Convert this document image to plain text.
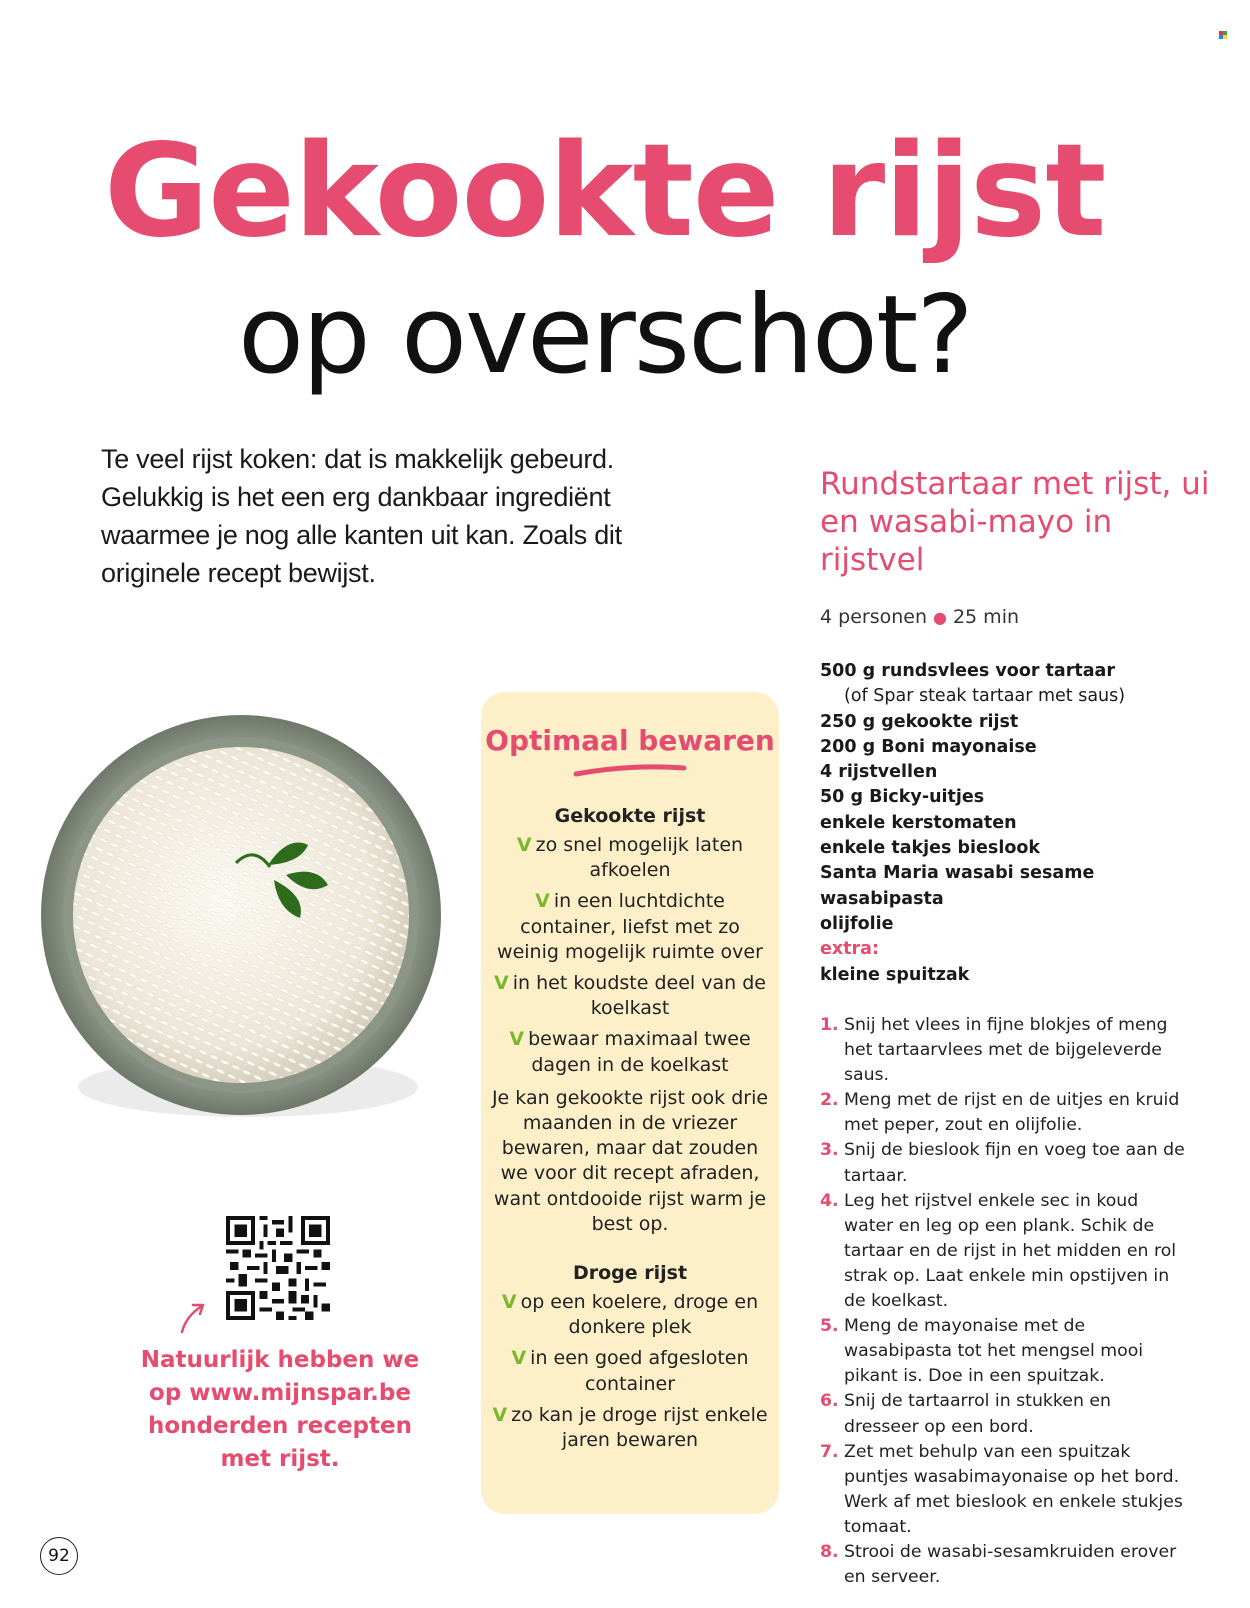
Gekookte rijst
op overschot?

Te veel rijst koken: dat is makkelijk gebeurd. Gelukkig is het een erg dankbaar ingrediënt waarmee je nog alle kanten uit kan. Zoals dit originele recept bewijst.

Rundstartaar met rijst, ui en wasabi-mayo in rijstvel
4 personen ● 25 min
500 g rundsvlees voor tartaar
(of Spar steak tartaar met saus)
250 g gekookte rijst
200 g Boni mayonaise
4 rijstvellen
50 g Bicky-uitjes
enkele kerstomaten
enkele takjes bieslook
Santa Maria wasabi sesame
wasabipasta
olijfolie
extra:
kleine spuitzak
1. Snij het vlees in fijne blokjes of meng het tartaarvlees met de bijgeleverde saus.
2. Meng met de rijst en de uitjes en kruid met peper, zout en olijfolie.
3. Snij de bieslook fijn en voeg toe aan de tartaar.
4. Leg het rijstvel enkele sec in koud water en leg op een plank. Schik de tartaar en de rijst in het midden en rol strak op. Laat enkele min opstijven in de koelkast.
5. Meng de mayonaise met de wasabipasta tot het mengsel mooi pikant is. Doe in een spuitzak.
6. Snij de tartaarrol in stukken en dresseer op een bord.
7. Zet met behulp van een spuitzak puntjes wasabimayonaise op het bord. Werk af met bieslook en enkele stukjes tomaat.
8. Strooi de wasabi-sesamkruiden erover en serveer.
Optimaal bewaren
Gekookte rijst
V zo snel mogelijk laten afkoelen
V in een luchtdichte container, liefst met zo weinig mogelijk ruimte over
V in het koudste deel van de koelkast
V bewaar maximaal twee dagen in de koelkast

Je kan gekookte rijst ook drie maanden in de vriezer bewaren, maar dat zouden we voor dit recept afraden, want ontdooide rijst warm je best op.

Droge rijst
V op een koelere, droge en donkere plek
V in een goed afgesloten container
V zo kan je droge rijst enkele jaren bewaren

Natuurlijk hebben we op www.mijnspar.be honderden recepten met rijst.

92
